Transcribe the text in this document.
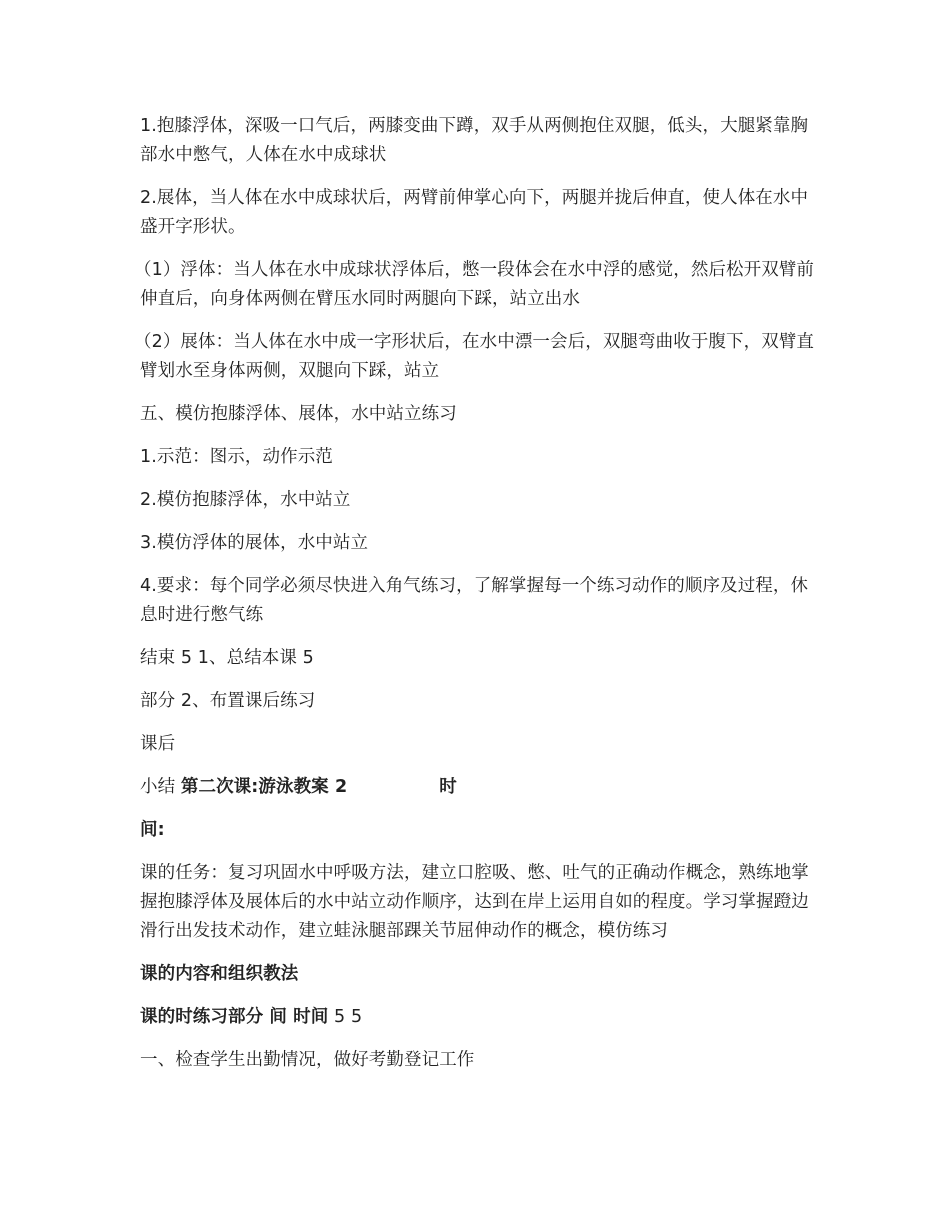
1.抱膝浮体，深吸一口气后，两膝变曲下蹲，双手从两侧抱住双腿，低头，大腿紧靠胸部水中憋气，人体在水中成球状

2.展体，当人体在水中成球状后，两臂前伸掌心向下，两腿并拢后伸直，使人体在水中盛开字形状。

（1）浮体：当人体在水中成球状浮体后，憋一段体会在水中浮的感觉，然后松开双臂前伸直后，向身体两侧在臂压水同时两腿向下踩，站立出水

（2）展体：当人体在水中成一字形状后，在水中漂一会后，双腿弯曲收于腹下，双臂直臂划水至身体两侧，双腿向下踩，站立

五、模仿抱膝浮体、展体，水中站立练习

1.示范：图示，动作示范

2.模仿抱膝浮体，水中站立

3.模仿浮体的展体，水中站立

4.要求：每个同学必须尽快进入角气练习，了解掌握每一个练习动作的顺序及过程，休息时进行憋气练

结束 5 1、总结本课 5

部分 2、布置课后练习

课后

小结 第二次课:游泳教案 2	时

间:

课的任务：复习巩固水中呼吸方法，建立口腔吸、憋、吐气的正确动作概念，熟练地掌握抱膝浮体及展体后的水中站立动作顺序，达到在岸上运用自如的程度。学习掌握蹬边滑行出发技术动作，建立蛙泳腿部踝关节屈伸动作的概念，模仿练习

课的内容和组织教法

课的时练习部分 间 时间 5 5

一、检查学生出勤情况，做好考勤登记工作
